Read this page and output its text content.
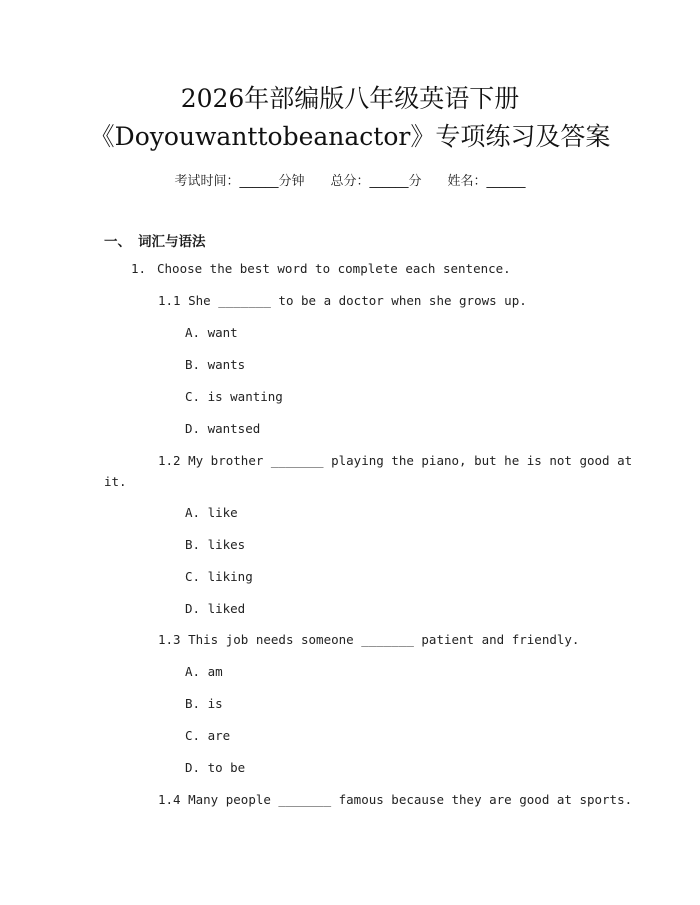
2026年部编版八年级英语下册
《Doyouwanttobeanactor》专项练习及答案
考试时间：______分钟 总分：______分 姓名：______
一、 词汇与语法
1. Choose the best word to complete each sentence.
1.1 She _______ to be a doctor when she grows up.
A. want
B. wants
C. is wanting
D. wantsed
1.2 My brother _______ playing the piano, but he is not good at
it.
A. like
B. likes
C. liking
D. liked
1.3 This job needs someone _______ patient and friendly.
A. am
B. is
C. are
D. to be
1.4 Many people _______ famous because they are good at sports.
